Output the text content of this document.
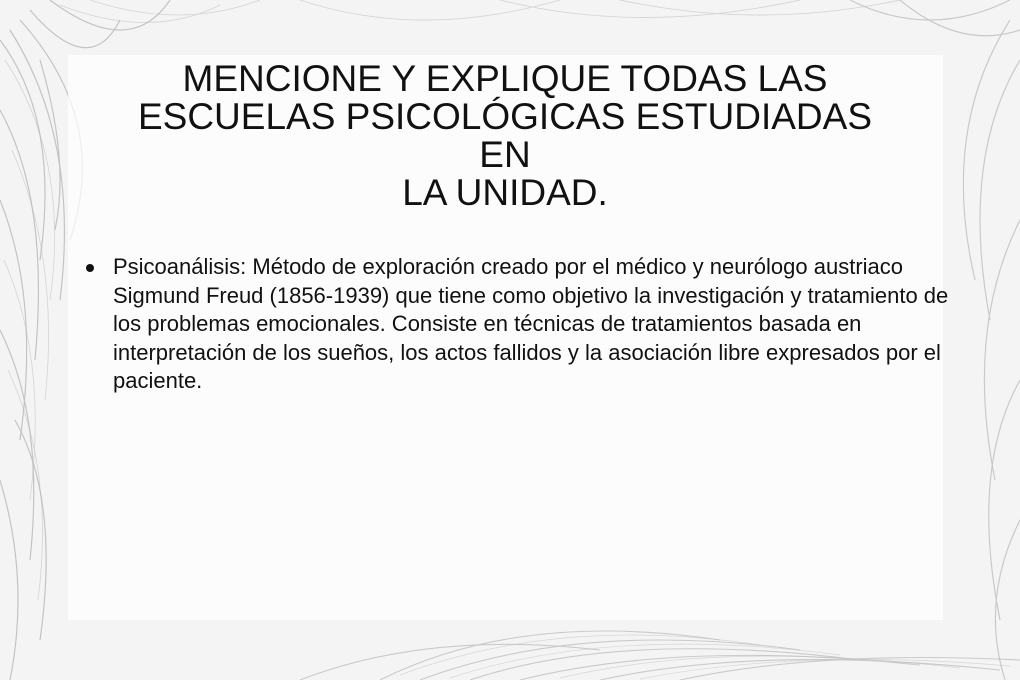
MENCIONE Y EXPLIQUE TODAS LAS
ESCUELAS PSICOLÓGICAS ESTUDIADAS
EN
LA UNIDAD.
Psicoanálisis: Método de exploración creado por el médico y neurólogo austriaco Sigmund Freud (1856-1939) que tiene como objetivo la investigación y tratamiento de los problemas emocionales. Consiste en técnicas de tratamientos basada en interpretación de los sueños, los actos fallidos y la asociación libre expresados por el paciente.
